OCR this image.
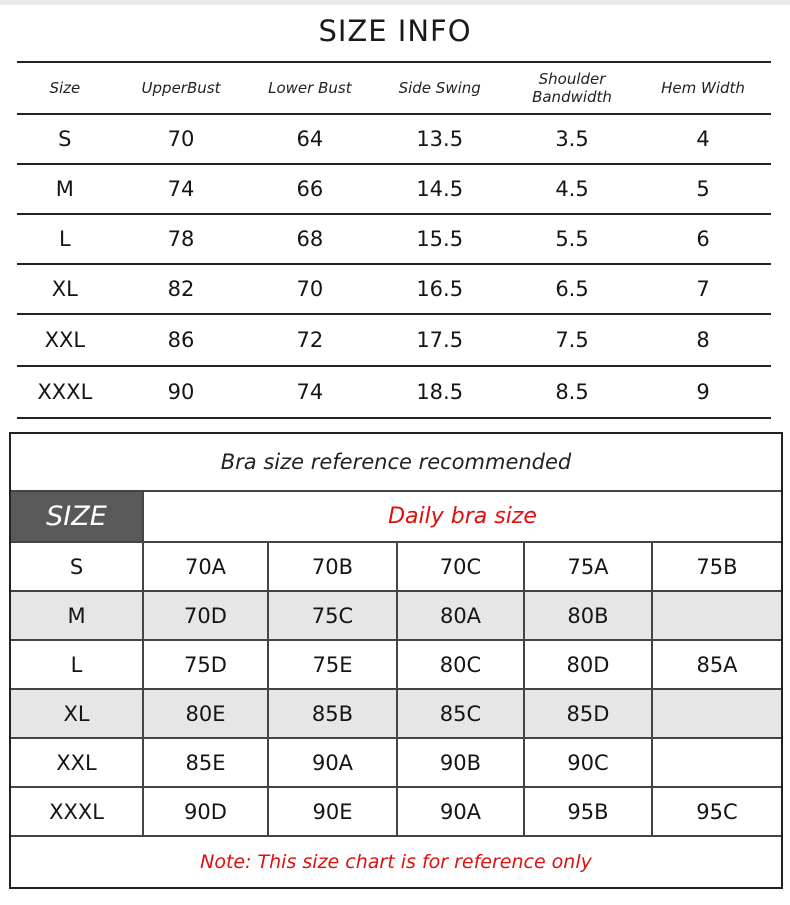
SIZE INFO
Size	UpperBust	Lower Bust	Side Swing	Shoulder Bandwidth	Hem Width
S	70	64	13.5	3.5	4
M	74	66	14.5	4.5	5
L	78	68	15.5	5.5	6
XL	82	70	16.5	6.5	7
XXL	86	72	17.5	7.5	8
XXXL	90	74	18.5	8.5	9
Bra size reference recommended
SIZE	Daily bra size
S	70A	70B	70C	75A	75B
M	70D	75C	80A	80B
L	75D	75E	80C	80D	85A
XL	80E	85B	85C	85D
XXL	85E	90A	90B	90C
XXXL	90D	90E	90A	95B	95C
Note: This size chart is for reference only
